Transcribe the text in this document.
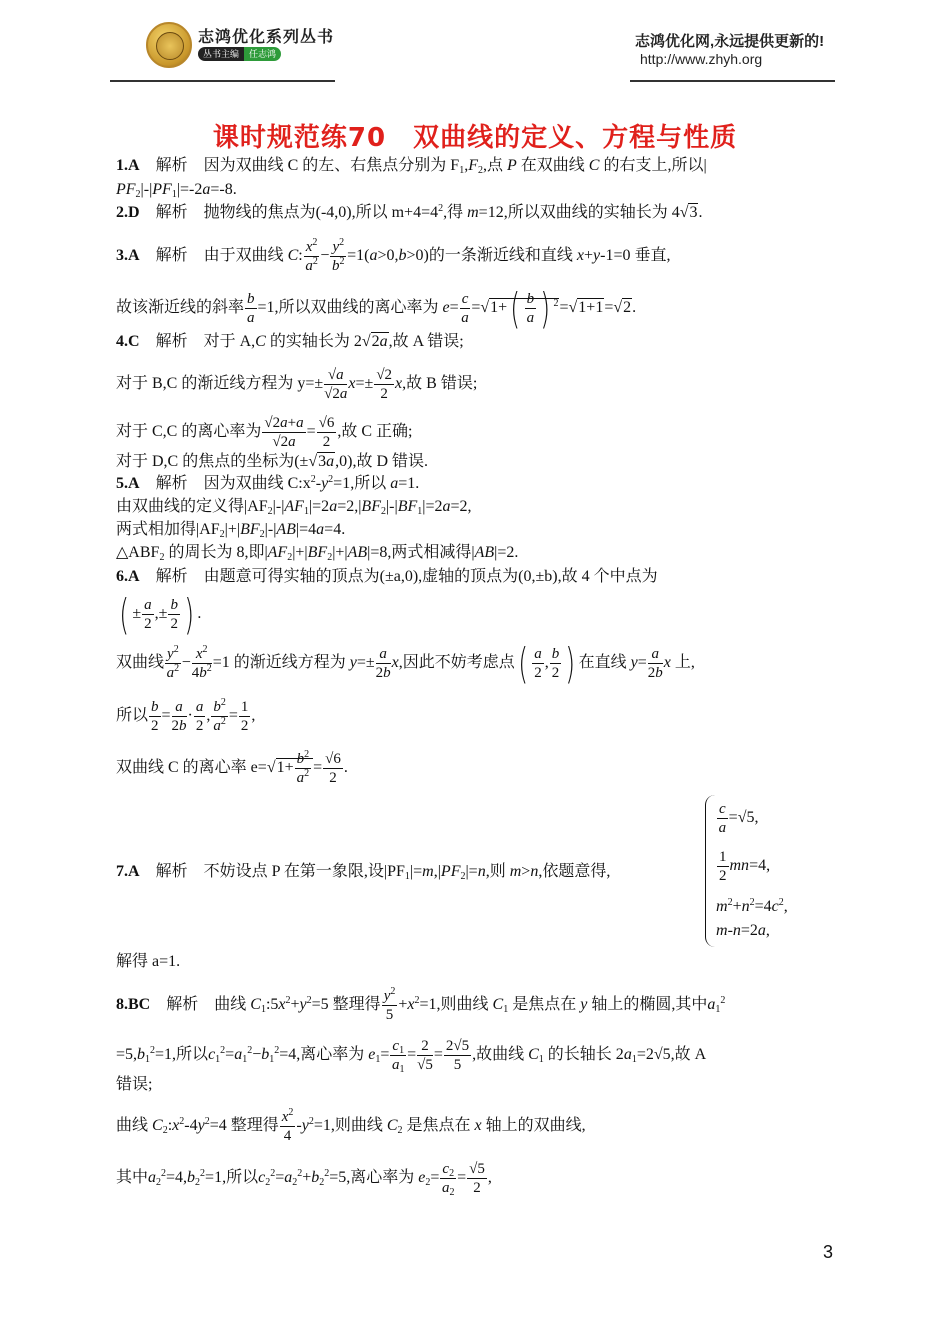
志鸿优化系列丛书
丛书主编 任志鸿
志鸿优化网,永远提供更新的!
http://www.zhyh.org
课时规范练70　双曲线的定义、方程与性质
1.A　 解析　 因为双曲线 C 的左、右焦点分别为 $F_1,F_2$,点 P 在双曲线 C 的右支上,所以|
$PF_2|-|PF_1|=-2a=-8$.
2.D　 解析　 抛物线的焦点为(-4,0),所以 $m+4=4^2$,得 m=12,所以双曲线的实轴长为 4√3.
3.A　 解析　由于双曲线 C: $\frac{x^2}{a^2} - \frac{y^2}{b^2} =1(a>0,b>0)$的一条渐近线和直线 x+y-1=0 垂直,
故该渐近线的斜率 $\frac{b}{a} =1$,所以双曲线的离心率为 $e= \frac{c}{a} =√1+( \frac{b}{a}$ ) $^2$=√1+1=√2.
4.C　 解析　对于 A,C 的实轴长为 2√2a,故 A 错误;
对于 B,C 的渐近线方程为 $y=\pm \frac{√a}{√2a} x=\pm \frac{√2}{2} x$,故 B 错误;
对于 C,C 的离心率为 $\frac{√2a+a}{√2a} = \frac{√6}{2}$ ,故 C 正确;
对于 D,C 的焦点的坐标为(±√3a,0),故 D 错误.
5.A　 解析　 因为双曲线 $C:x^2-y^2=1$,所以 a=1.
由双曲线的定义得$|AF_2|-|AF_1|=2a=2,|BF_2|-|BF_1|=2a=2$,
两式相加得$|AF_2|+|BF_2|-|AB|=4a=4$.
$\triangle ABF_2$ 的周长为 8,即$|AF_2|+|BF_2|+|AB|=8$,两式相减得|AB|=2.
6.A　 解析　 由题意可得实轴的顶点为(±a,0),虚轴的顶点为(0,±b),故 4 个中点为
( ± $\frac{a}{2}$ ,± $\frac{b}{2}$ ) .
双曲线 $\frac{y^2}{a^2} - \frac{x^2}{4b^2} =1$ 的渐近线方程为 $y=\pm \frac{a}{2b} x$,因此不妨考虑点( $\frac{a}{2}$ , $\frac{b}{2}$ ) 在直线 $y= \frac{a}{2b}$ x 上,
所以 $\frac{b}{2} = \frac{a}{2b} \cdot \frac{a}{2}$ , $\frac{b^2}{a^2} = \frac{1}{2}$ ,
双曲线 C 的离心率 $e=√1+ \frac{b^2}{a^2} = \frac{√6}{2}$ .
7.A　 解析　 不妨设点 P 在第一象限,设$|PF_1|=m,|PF_2|=n$,则 m>n,依题意得,
$\frac{c}{a} =√5$,
$\frac{1}{2} mn=4$,
$m^2+n^2=4c^2$,
m-n=2a,
解得 a=1.
8.BC　 解析　曲线 $C_1:5x^2+y^2=5$ 整理得 $\frac{y^2}{5} +x^2=1$,则曲线 $C_1$ 是焦点在 y 轴上的椭圆,其中$a_1^2$
$=5,b_1^2=1$,所以$c_1^2=a_1^2-b_1^2=4$,离心率为 $e_1= \frac{c_1}{a_1} = \frac{2}{√5} = \frac{2√5}{5}$ ,故曲线 $C_1$ 的长轴长 $2a_1=2√5$,故 A
错误;
曲线 $C_2:x^2-4y^2=4$ 整理得 $\frac{x^2}{4} -y^2=1$,则曲线 $C_2$ 是焦点在 x 轴上的双曲线,
其中$a_2^2=4,b_2^2=1$,所以$c_2^2=a_2^2+b_2^2=5$,离心率为 $e_2= \frac{c_2}{a_2} = \frac{√5}{2}$ ,
3
